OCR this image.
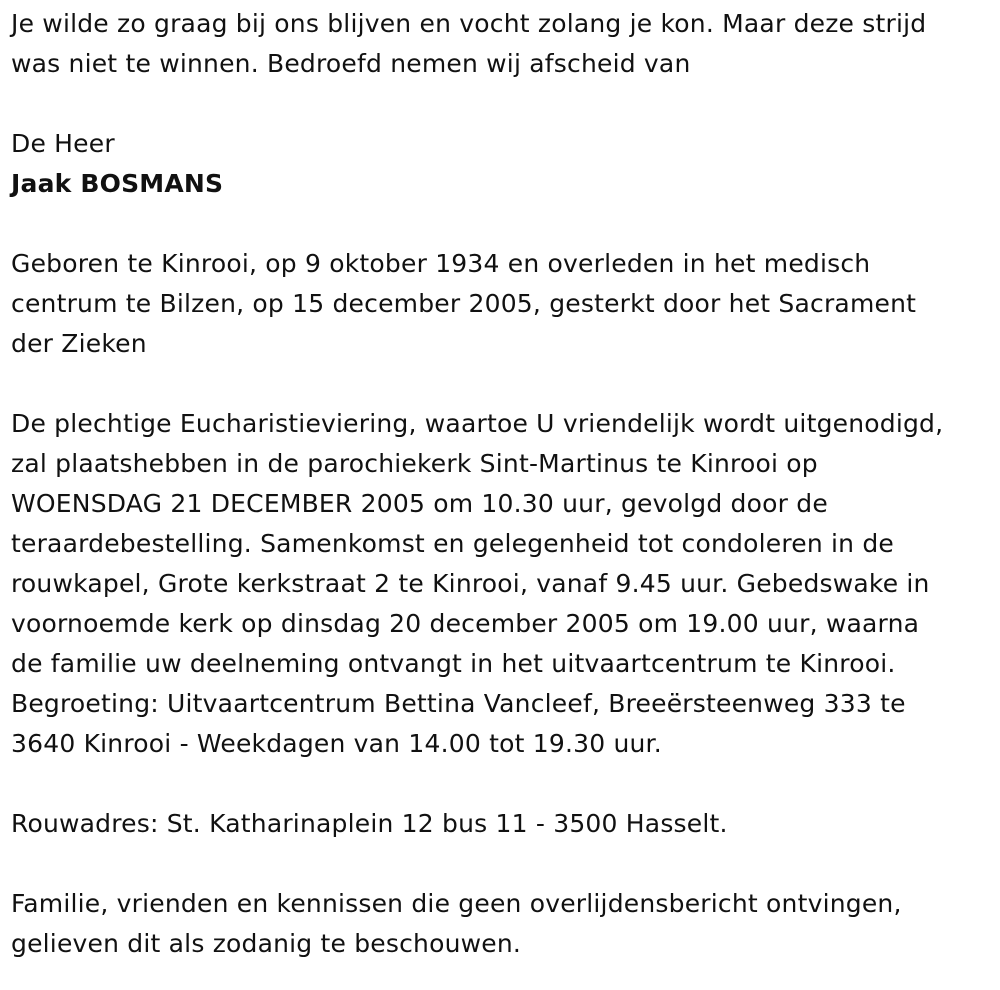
Je wilde zo graag bij ons blijven en vocht zolang je kon. Maar deze strijd
was niet te winnen. Bedroefd nemen wij afscheid van

De Heer

Jaak BOSMANS

Geboren te Kinrooi, op 9 oktober 1934 en overleden in het medisch
centrum te Bilzen, op 15 december 2005, gesterkt door het Sacrament
der Zieken

De plechtige Eucharistieviering, waartoe U vriendelijk wordt uitgenodigd,
zal plaatshebben in de parochiekerk Sint-Martinus te Kinrooi op
WOENSDAG 21 DECEMBER 2005 om 10.30 uur, gevolgd door de
teraardebestelling. Samenkomst en gelegenheid tot condoleren in de
rouwkapel, Grote kerkstraat 2 te Kinrooi, vanaf 9.45 uur. Gebedswake in
voornoemde kerk op dinsdag 20 december 2005 om 19.00 uur, waarna
de familie uw deelneming ontvangt in het uitvaartcentrum te Kinrooi.
Begroeting: Uitvaartcentrum Bettina Vancleef, Breeërsteenweg 333 te
3640 Kinrooi - Weekdagen van 14.00 tot 19.30 uur.

Rouwadres: St. Katharinaplein 12 bus 11 - 3500 Hasselt.

Familie, vrienden en kennissen die geen overlijdensbericht ontvingen,
gelieven dit als zodanig te beschouwen.
